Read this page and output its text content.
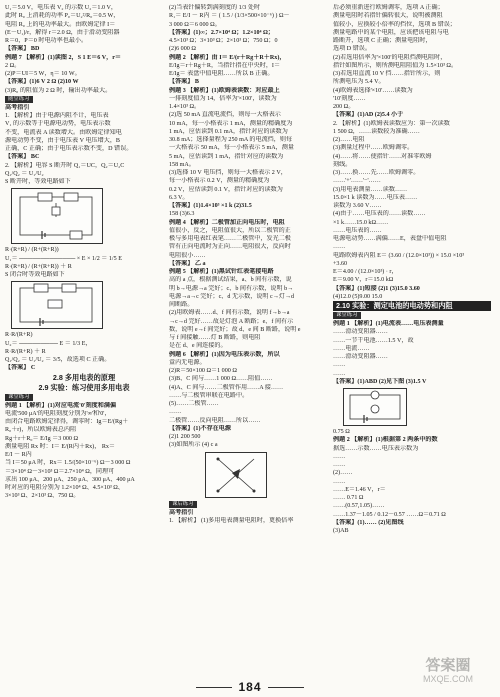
U₁＝5.0 V，电压表 V₂ 的示数 U₂＝1.0 V，
此时 R₀ 上消耗的功率 P₀＝U₂²/R₀＝0.5 W，
电阻 R₀ 上的电功率最大。由欧姆定律 I＝
(E－U₁)/r，解得 r＝2.0 Ω，由于滑动变阻器
R＝0，P＝0 时电功率也最小。
【答案】 BD
例题 7 【解析】(1)读图 2，S 1 E＝6 V，r＝
2 Ω。
(2)P＝UI＝5 W，η＝ 10 W。
【答案】(1)6 V 2 Ω (2)10 W
(3)R₀ 的阻值为 2 Ω 时，输出功率最大。
随堂练习
高考指引
1. 【解析】由于电源内阻不计，电压表
V₁ 的示数等于电源电动势，电压表示数
不变，电流表 A 读数增大。由欧姆定律知电
源电动势不变，由于电压表 V 电压增大，B
正确，C 正确；由于电压表示数不变，D 错误。
【答案】 BC
2. 【解析】电容 S 断开时 Q₁＝UC，Q₂＝U₂C
Q₁/Q₂ ＝ U₁/U₂
S 断开时，等效电路如下
R·(R+R) / (R+(R+R))
U₁＝ ───────────── × E × 1/2 ＝ 1/5 E
R·(R+R) / (R+(R+R)) ＋ R
S 闭合时等效电路如下
R·R/(R+R)
U₂＝ ───────── E ＝ 1/3 E，
R·R/(R+R) ＋ R
Q₁/Q₂ ＝ U₁/U₂ ＝ 3/5，故选项 C 正确。
【答案】 C
2.8 多用电表的原理
2.9 实验：练习使用多用电表
课堂练习
例题 1 【解析】(1)对应电流'0'刻度和满偏
电流'500 μA'的电阻刻度分别为'∞'和'0'，
由闭合电路欧姆定律得，调零时：Ig＝E/(Rg＋
R₀＋r)，所以欧姆表总内阻
Rg＋r＋R₀＝ E/Ig ＝3 000 Ω
测量电阻 Rx 时：I＝ E/(R内＋Rx)， Rx＝
E/I － R内
当 I＝50 μA 时，Rx＝ 1.5/(50×10⁻⁶) Ω－3 000 Ω
＝3×10⁴ Ω－3×10³ Ω＝2.7×10⁴ Ω，同理可
求出 100 μA、200 μA、250 μA、300 μA、400 μA
时对应的电阻分别为 1.2×10⁴ Ω、4.5×10³ Ω、
3×10³ Ω、2×10³ Ω、750 Ω。
(2)当表针偏转到满刻度的 1/3 处时
R₁＝ E/I － R内 ＝ ( 1.5 / (1/3×500×10⁻⁶) ) Ω－
3 000 Ω＝6 000 Ω。
【答案】(1)∞；2.7×10⁴ Ω；1.2×10⁴ Ω；
4.5×10³ Ω；3×10³ Ω；2×10³ Ω；750 Ω；0
(2)6 000 Ω
例题 2 【解析】由 I＝ E/(r＋Rg＋R＋Rx)，
E/Ig＝r＋Rg＋R，当指针指在中央时，I＝
E/Ig＝ 表盘中值电阻……所以 B 正确。
【答案】 B
例题 3 【解析】(1)欧姆表读数：对应最上
一排刻度值为 14，倍率为'×100'，读数为
1.4×10³ Ω。
(2)选 50 mA 直流电流挡，则每一大格表示
10 mA，每一小格表示 1 mA，测量的精确度为
1 mA，应估读到 0.1 mA，指针对应的读数为
30.8 mA；选择量程为 250 mA 的电流挡，则每
一大格表示 50 mA，每一小格表示 5 mA，测量
5 mA，应估读到 1 mA，指针对应的读数为
158 mA。
(3)选择 10 V 电压挡，则每一大格表示 2 V，
每一小格表示 0.2 V，测量的精确度为
0.2 V，应估读到 0.1 V，指针对应的读数为
6.3 V。
【答案】(1)1.4×10³ ×1 k (2)31.5
158 (3)6.3
例题 4 【解析】二极管加正向电压时，电阻
值很小，反之，电阻值很大，所以二极管的正
极与多用电表红表笔……二极管中，发光二极
管有正向电流时为正向……电阻很大，反向时
电阻很小……
【答案】 乙 a
例题 5 【解析】(1)黑试针红表笔接电路
高的 a 点，根据测试结果，a、b 间有示数，说
明 b→电源→a 完好；c、b 间有示数，说明 b→
电源→a→c 完好；c、d 无示数，说明 c→灯→d
间断路。
(2)用欧姆表……d、f 间有示数，说明 f→b→a
→c→d 完好……故是灯泡 A 断路；e、f 间有示
数，说明 e→f 间完好；故 d、e 间 B 断路，说明 e
与 f 间接触……灯 B 断路，则电阻
是在 d、e 间连接的。
例题 6 【解析】(1)因为电压表示数，所以
盒内无电源。
(2)R＝50×100 Ω＝1 000 Ω
(3)B、C 间与……1 000 Ω……阻值……
(4)A、C 间与……二极管作用……A 接……
……与二极管串联在电路中。
(5)……二极管……
……
二极管……反向电阻……所以……
【答案】(1)不存在电源
(2)1 200 500
(3)如图所示 (4) c a
课后练习
高考指引
1. 【解析】 (1)多用电表测量电阻时，更换倍率
后必须重新进行欧姆调零，选项 A 正确；
测量电阻时若指针偏转很大，说明被测阻
值较小，应换较小倍率的挡位，选项 B 错误；
测量电路中的某个电阻，应该把该电阻与电
路断开，选项 C 正确；测量电阻时，
选项 D 错误。
(2)若选用倍率为'×100'的电阻挡测电阻时，
指针如图所示，则所测电阻阻值为 1.5×10³ Ω。
(3)若选用直流 10 V 挡……指针所示，则
所测电压为 5.4 V。
(4)欧姆表选择'×10'……读数为
'10'刻度……
200 Ω。
【答案】(1)AD (2)5.4 小于
2. 【解析】(1)欧姆表读数应为：第一次读数
1 500 Ω，……读数较为准确……
(2)……电阻
(3)测量过程中……欧姆调零。
(4)……将……使指针……对准零欧姆
刻线。
(3)……换……先……欧姆调零。
……'+'……'−'……
(3)用电表测量……读数……
15.0×1 k 读数为……电压表……
读数为 3.60 V……
(4)由于……电压表的……读数……
×1 k……15.0 kΩ……
……电压表的……
电源电动势……满偏……E，表盘中值电阻
……
电路欧姆表内阻 E＝ (3.60 / (12.0×10³)) × 15.0 ×10³
+3.60
E＝4.00 / (12.0×10³) · r，
E＝9.00 V，r＝15.0 kΩ
【答案】(1)短接 (2)1 (3)15.0 3.60
(4)12.0 (5)9.00 15.0
2.10 实验：测定电池的电动势和内阻
课堂练习
例题 1 【解析】(1)电流表……电压表测量
……滑动变阻器……
……一节干电池……1.5 V，故
……电流……
……滑动变阻器……
……
……
【答案】(1)ABD (2)见下图 (3)1.5 V
0.75 Ω
例题 2 【解析】(1)根据第 2 两条中的数
据选……示数……电压表示数为
……
……
(2)……
……
……E＝1.46 V，r＝
…… 0.71 Ω
……(0.57,1.05)……
……1.37－1.05 / 0.12－0.57 ……Ω＝0.71 Ω
【答案】(1)…… (2)见图线
(3)AB
答案圈
MXQE.COM
184
